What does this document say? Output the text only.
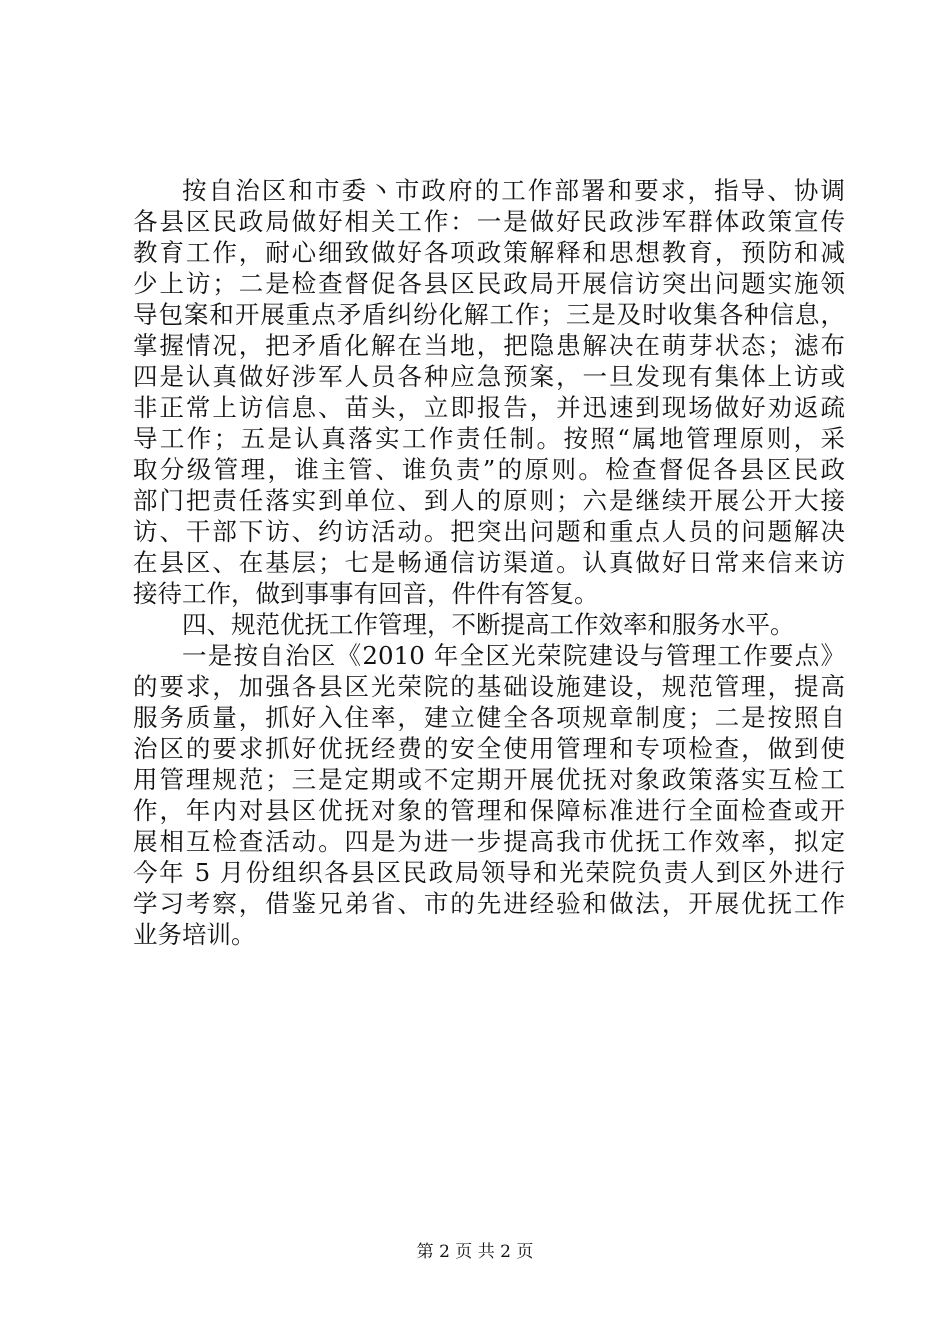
按自治区和市委丶市政府的工作部署和要求，指导、协调
各县区民政局做好相关工作：一是做好民政涉军群体政策宣传
教育工作，耐心细致做好各项政策解释和思想教育，预防和减
少上访；二是检查督促各县区民政局开展信访突出问题实施领
导包案和开展重点矛盾纠纷化解工作；三是及时收集各种信息，
掌握情况，把矛盾化解在当地，把隐患解决在萌芽状态；滤布
四是认真做好涉军人员各种应急预案，一旦发现有集体上访或
非正常上访信息、苗头，立即报告，并迅速到现场做好劝返疏
导工作；五是认真落实工作责任制。按照“属地管理原则，采
取分级管理，谁主管、谁负责”的原则。检查督促各县区民政
部门把责任落实到单位、到人的原则；六是继续开展公开大接
访、干部下访、约访活动。把突出问题和重点人员的问题解决
在县区、在基层；七是畅通信访渠道。认真做好日常来信来访
接待工作，做到事事有回音，件件有答复。
四、规范优抚工作管理，不断提高工作效率和服务水平。
一是按自治区《2010 年全区光荣院建设与管理工作要点》
的要求，加强各县区光荣院的基础设施建设，规范管理，提高
服务质量，抓好入住率，建立健全各项规章制度；二是按照自
治区的要求抓好优抚经费的安全使用管理和专项检查，做到使
用管理规范；三是定期或不定期开展优抚对象政策落实互检工
作，年内对县区优抚对象的管理和保障标准进行全面检查或开
展相互检查活动。四是为进一步提高我市优抚工作效率，拟定
今年 5 月份组织各县区民政局领导和光荣院负责人到区外进行
学习考察，借鉴兄弟省、市的先进经验和做法，开展优抚工作
业务培训。
第 2 页 共 2 页
